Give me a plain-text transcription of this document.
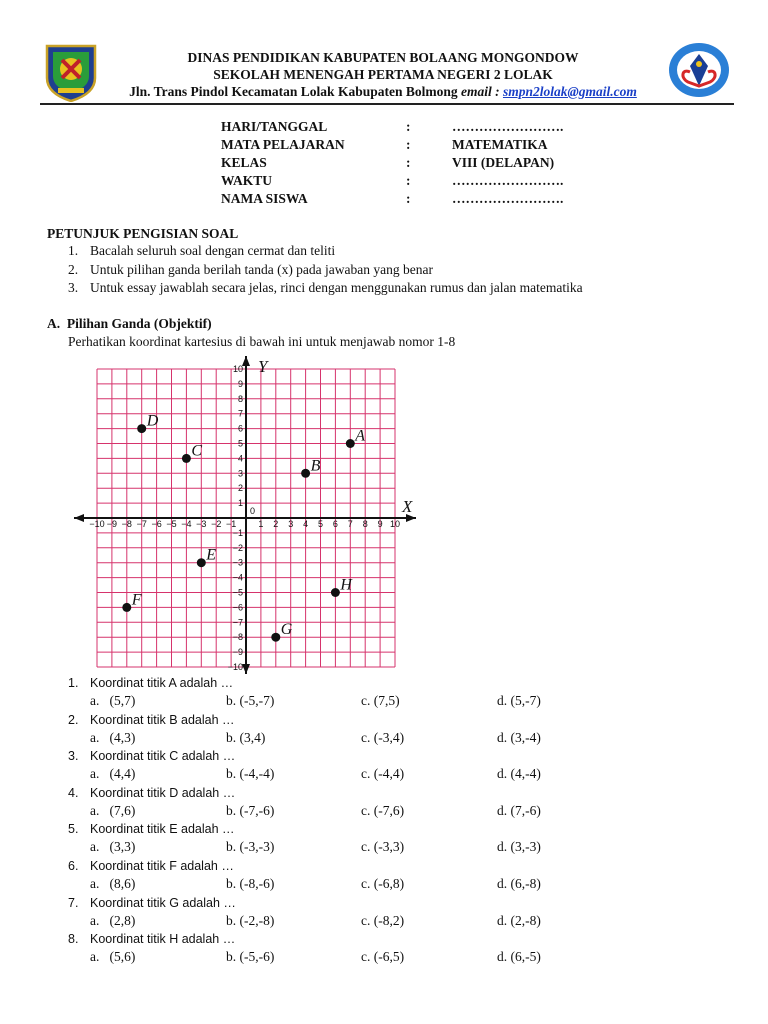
DINAS PENDIDIKAN KABUPATEN BOLAANG MONGONDOW
SEKOLAH MENENGAH PERTAMA NEGERI 2 LOLAK
Jln. Trans Pindol Kecamatan Lolak Kabupaten Bolmong email : smpn2lolak@gmail.com
HARI/TANGGAL	:	…………………….
MATA PELAJARAN	:	MATEMATIKA
KELAS	:	VIII (DELAPAN)
WAKTU	:	…………………….
NAMA SISWA	:	…………………….
PETUNJUK PENGISIAN SOAL
1. Bacalah seluruh soal dengan cermat dan teliti
2. Untuk pilihan ganda berilah tanda (x) pada jawaban yang benar
3. Untuk essay jawablah secara jelas, rinci dengan menggunakan rumus dan jalan matematika
A.  Pilihan Ganda (Objektif)
Perhatikan koordinat kartesius di bawah ini untuk menjawab nomor 1-8
−10
−10
−9
−9
−8
−8
−7
−7
−6
−6
−5
−5
−4
−4
−3
−3
−2
−2
−1
−1
1
1
2
2
3
3
4
4
5
5
6
6
7
7
8
8
9
9
10
10
0	X
Y
A
B
C
D
E
F
G
H
1. Koordinat titik A adalah …
a.   (5,7)	b. (-5,-7)	c. (7,5)	d. (5,-7)
2. Koordinat titik B adalah …
a.   (4,3)	b. (3,4)	c. (-3,4)	d. (3,-4)
3. Koordinat titik C adalah …
a.   (4,4)	b. (-4,-4)	c. (-4,4)	d. (4,-4)
4. Koordinat titik D adalah …
a.   (7,6)	b. (-7,-6)	c. (-7,6)	d. (7,-6)
5. Koordinat titik E adalah …
a.   (3,3)	b. (-3,-3)	c. (-3,3)	d. (3,-3)
6. Koordinat titik F adalah …
a.   (8,6)	b. (-8,-6)	c. (-6,8)	d. (6,-8)
7. Koordinat titik G adalah …
a.   (2,8)	b. (-2,-8)	c. (-8,2)	d. (2,-8)
8. Koordinat titik H adalah …
a.   (5,6)	b. (-5,-6)	c. (-6,5)	d. (6,-5)
